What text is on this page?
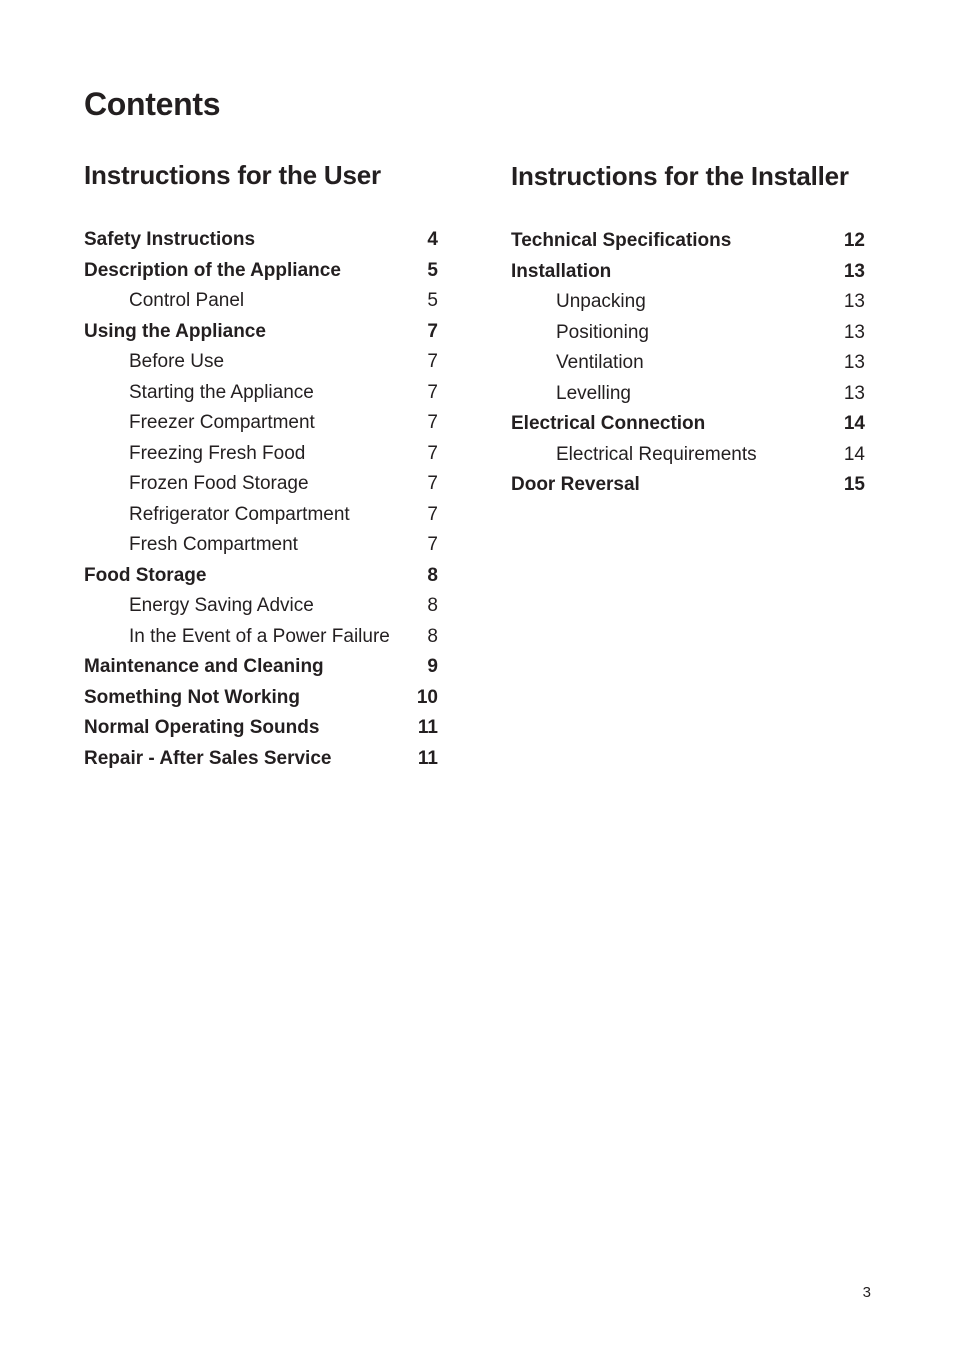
Contents
Instructions for the User
Safety Instructions	4
Description of the Appliance	5
Control Panel	5
Using the Appliance	7
Before Use	7
Starting the Appliance	7
Freezer Compartment	7
Freezing Fresh Food	7
Frozen Food Storage	7
Refrigerator Compartment	7
Fresh Compartment	7
Food Storage	8
Energy Saving Advice	8
In the Event of a Power Failure	8
Maintenance and Cleaning	9
Something Not Working	10
Normal Operating Sounds	11
Repair - After Sales Service	11
Instructions for the Installer
Technical Specifications	12
Installation	13
Unpacking	13
Positioning	13
Ventilation	13
Levelling	13
Electrical Connection	14
Electrical Requirements	14
Door Reversal	15
3
